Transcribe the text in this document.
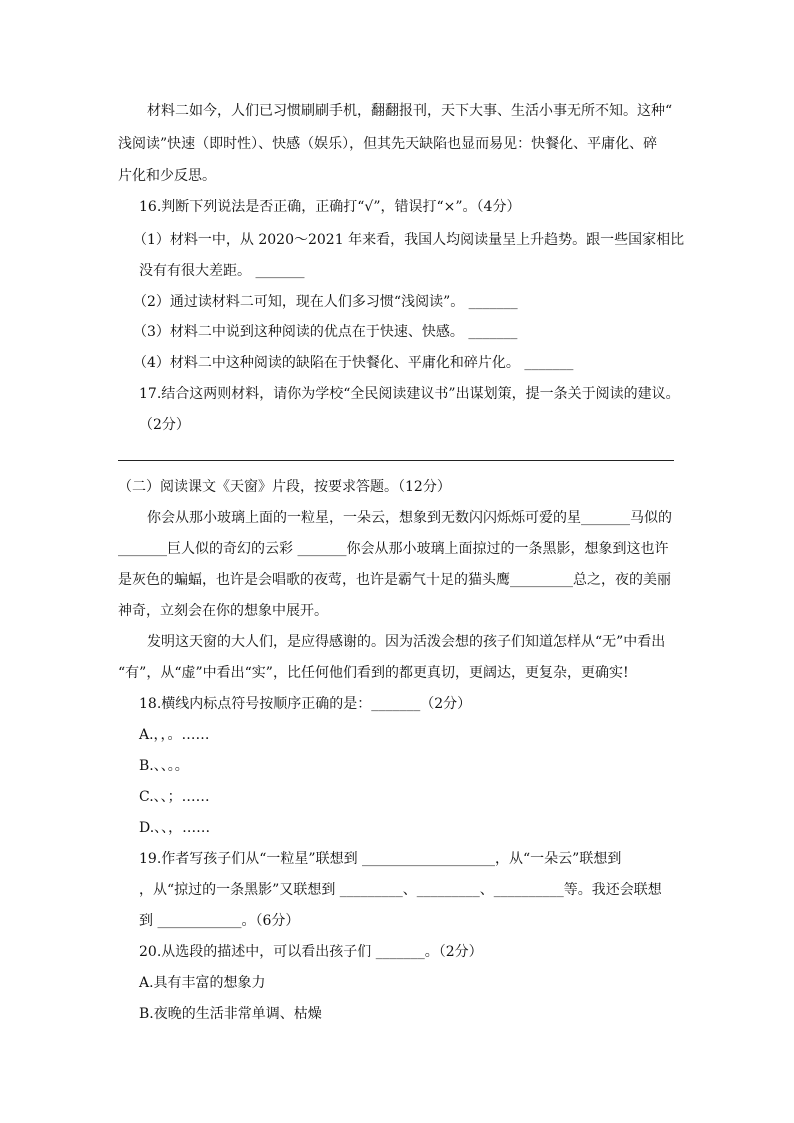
材料二如今，人们已习惯刷刷手机，翻翻报刊，天下大事、生活小事无所不知。这种“
浅阅读”快速（即时性）、快感（娱乐），但其先天缺陷也显而易见：快餐化、平庸化、碎
片化和少反思。
16.判断下列说法是否正确，正确打“√”，错误打“×”。（4分）
（1）材料一中，从 2020～2021 年来看，我国人均阅读量呈上升趋势。跟一些国家相比
没有有很大差距。 _______
（2）通过读材料二可知，现在人们多习惯“浅阅读”。 _______
（3）材料二中说到这种阅读的优点在于快速、快感。 _______
（4）材料二中这种阅读的缺陷在于快餐化、平庸化和碎片化。 _______
17.结合这两则材料，请你为学校“全民阅读建议书”出谋划策，提一条关于阅读的建议。
（2分）
（二）阅读课文《天窗》片段，按要求答题。（12分）
你会从那小玻璃上面的一粒星，一朵云，想象到无数闪闪烁烁可爱的星_______马似的
_______巨人似的奇幻的云彩 _______你会从那小玻璃上面掠过的一条黑影，想象到这也许
是灰色的蝙蝠，也许是会唱歌的夜莺，也许是霸气十足的猫头鹰_________总之，夜的美丽
神奇，立刻会在你的想象中展开。
发明这天窗的大人们，是应得感谢的。因为活泼会想的孩子们知道怎样从“无”中看出
“有”，从“虚”中看出“实”，比任何他们看到的都更真切，更阔达，更复杂，更确实!
18.横线内标点符号按顺序正确的是：_______（2分）
A.，，。……
B.、、。。
C.、、；……
D.、、，……
19.作者写孩子们从“一粒星”联想到 ___________________，从“一朵云”联想到
，从“掠过的一条黑影”又联想到 _________、_________、__________等。我还会联想
到 ____________。（6分）
20.从选段的描述中，可以看出孩子们 _______。（2分）
A.具有丰富的想象力
B.夜晚的生活非常单调、枯燥
